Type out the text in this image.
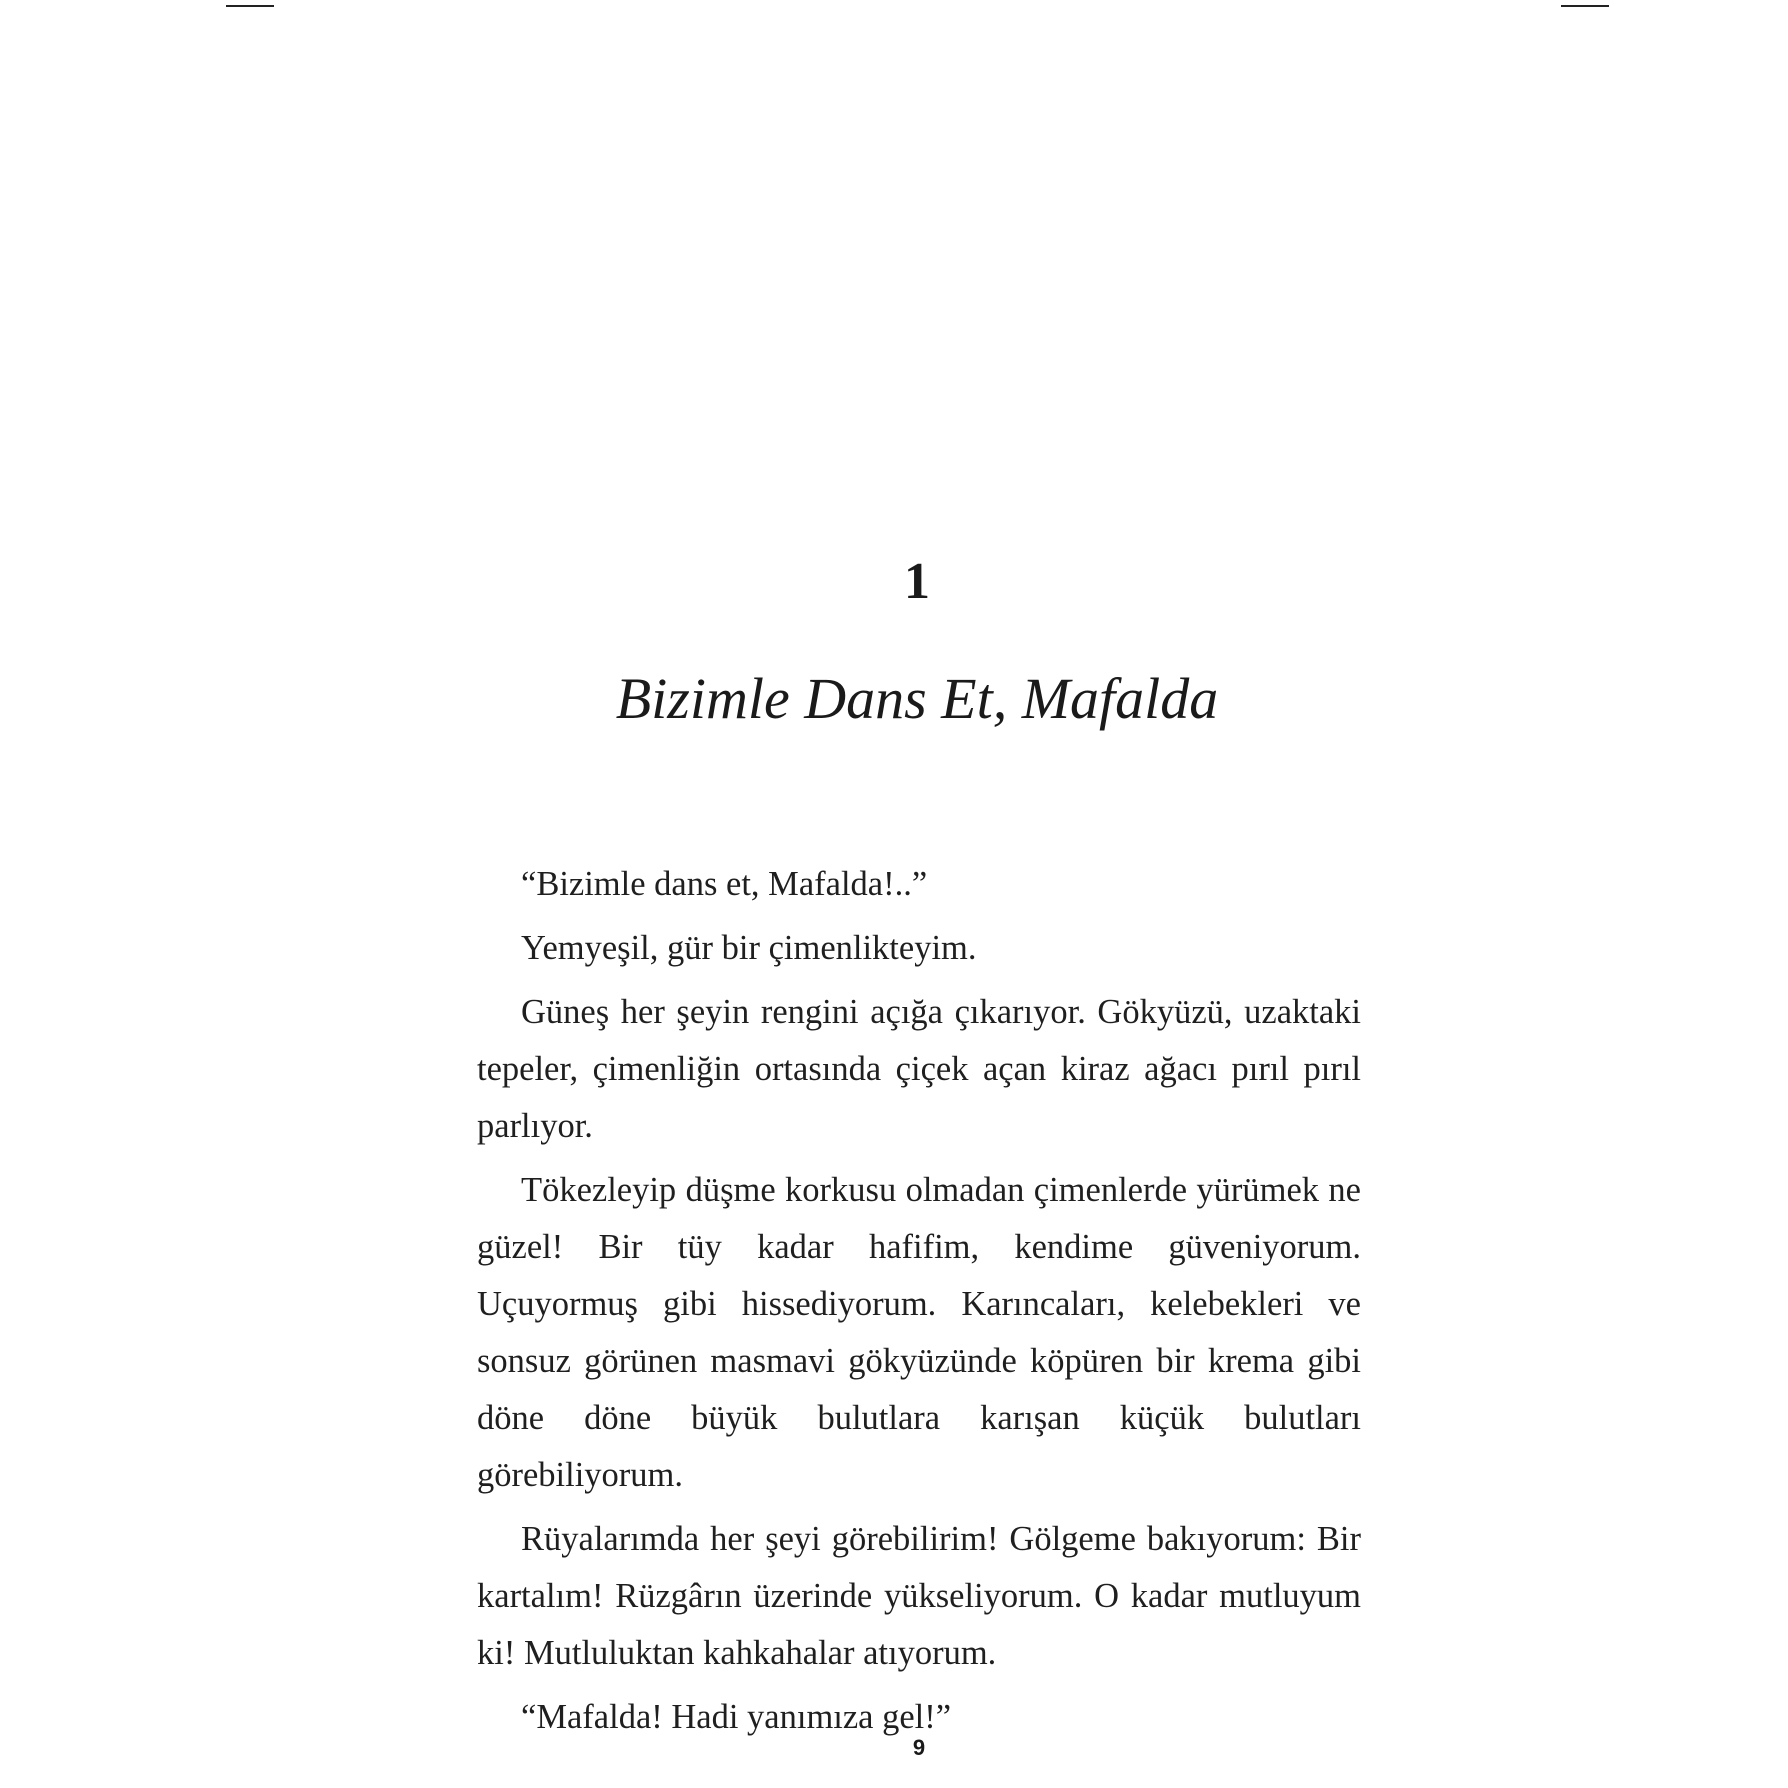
1
Bizimle Dans Et, Mafalda

“Bizimle dans et, Mafalda!..”

Yemyeşil, gür bir çimenlikteyim.

Güneş her şeyin rengini açığa çıkarıyor. Gökyüzü, uzaktaki tepeler, çimenliğin ortasında çiçek açan kiraz ağacı pırıl pırıl parlıyor.

Tökezleyip düşme korkusu olmadan çimenlerde yürümek ne güzel! Bir tüy kadar hafifim, kendime güveniyorum. Uçuyormuş gibi hissediyorum. Karıncaları, kelebekleri ve sonsuz görünen masmavi gökyüzünde köpüren bir krema gibi döne döne büyük bulutlara karışan küçük bulutları görebiliyorum.

Rüyalarımda her şeyi görebilirim! Gölgeme bakıyorum: Bir kartalım! Rüzgârın üzerinde yükseliyorum. O kadar mutluyum ki! Mutluluktan kahkahalar atıyorum.

“Mafalda! Hadi yanımıza gel!”

9
